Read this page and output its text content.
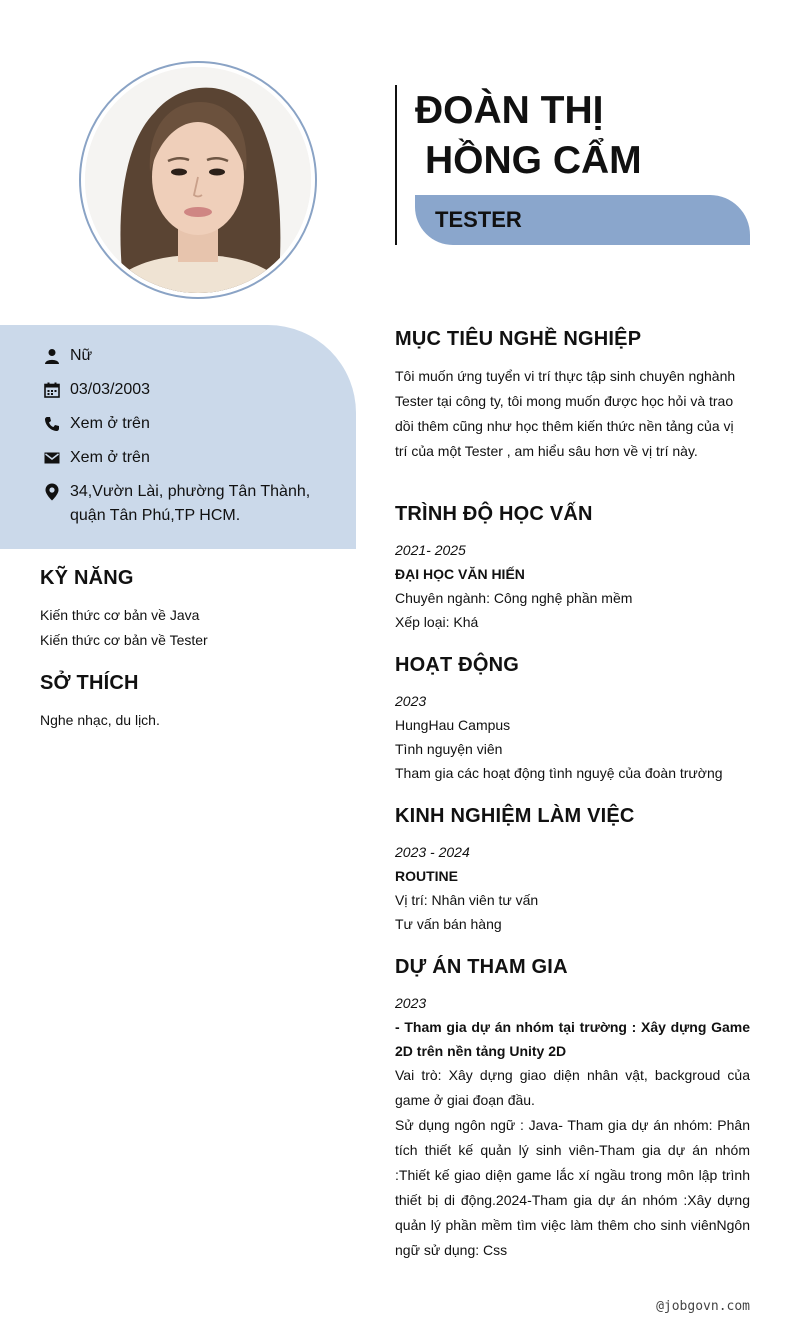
ĐOÀN THỊ
HỒNG CẨM
TESTER
Nữ
03/03/2003
Xem ở trên
Xem ở trên
34,Vườn Lài, phường Tân Thành, quận Tân Phú,TP HCM.
KỸ NĂNG
Kiến thức cơ bản về Java
Kiến thức cơ bản về Tester
SỞ THÍCH
Nghe nhạc, du lịch.
MỤC TIÊU NGHỀ NGHIỆP
Tôi muốn ứng tuyển vi trí thực tập sinh chuyên nghành Tester tại công ty, tôi mong muốn được học hỏi và trao dồi thêm cũng như học thêm kiến thức nền tảng của vị trí của một Tester , am hiểu sâu hơn về vị trí này.
TRÌNH ĐỘ HỌC VẤN
2021- 2025
ĐẠI HỌC VĂN HIẾN
Chuyên ngành: Công nghệ phần mềm
Xếp loại: Khá
HOẠT ĐỘNG
2023
HungHau Campus
Tình nguyện viên
Tham gia các hoạt động tình nguyệ của đoàn trường
KINH NGHIỆM LÀM VIỆC
2023 - 2024
ROUTINE
Vị trí: Nhân viên tư vấn
Tư vấn bán hàng
DỰ ÁN THAM GIA
2023
- Tham gia dự án nhóm tại trường : Xây dựng Game 2D trên nền tảng Unity 2D
Vai trò: Xây dựng giao diện nhân vật, backgroud của game ở giai đoạn đầu.
Sử dụng ngôn ngữ : Java- Tham gia dự án nhóm: Phân tích thiết kế quản lý sinh viên-Tham gia dự án nhóm :Thiết kế giao diện game lắc xí ngầu trong môn lập trình thiết bị di động.2024-Tham gia dự án nhóm :Xây dựng quản lý phần mềm tìm việc làm thêm cho sinh viênNgôn ngữ sử dụng: Css
@jobgovn.com
